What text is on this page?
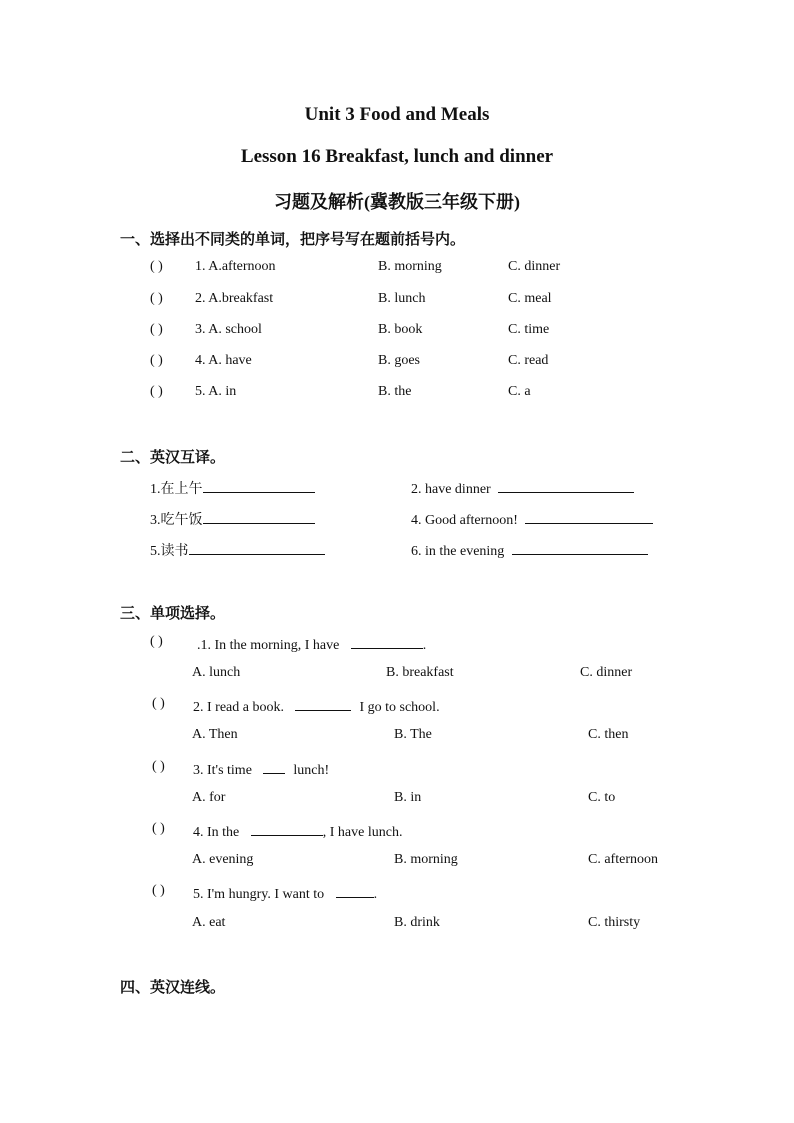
Unit 3 Food and Meals
Lesson 16 Breakfast, lunch and dinner
习题及解析(冀教版三年级下册)
一、选择出不同类的单词，把序号写在题前括号内。
( ) 1. A.afternoon	B. morning	C. dinner
( ) 2. A.breakfast	B. lunch	C. meal
( ) 3. A. school	B. book	C. time
( ) 4. A. have	B. goes	C. read
( ) 5. A. in	B. the	C. a
二、英汉互译。
1.在上午	2. have dinner
3.吃午饭	4. Good afternoon!
5.读书	6. in the evening
三、单项选择。
( ) .1. In the morning, I have	.
A. lunch	B. breakfast	C. dinner
( ) 2. I read a book.	I go to school.
A. Then	B. The	C. then
( ) 3. It's time	lunch!
A. for	B. in	C. to
( ) 4. In the	, I have lunch.
A. evening	B. morning	C. afternoon
( ) 5. I'm hungry. I want to	.
A. eat	B. drink	C. thirsty
四、英汉连线。
